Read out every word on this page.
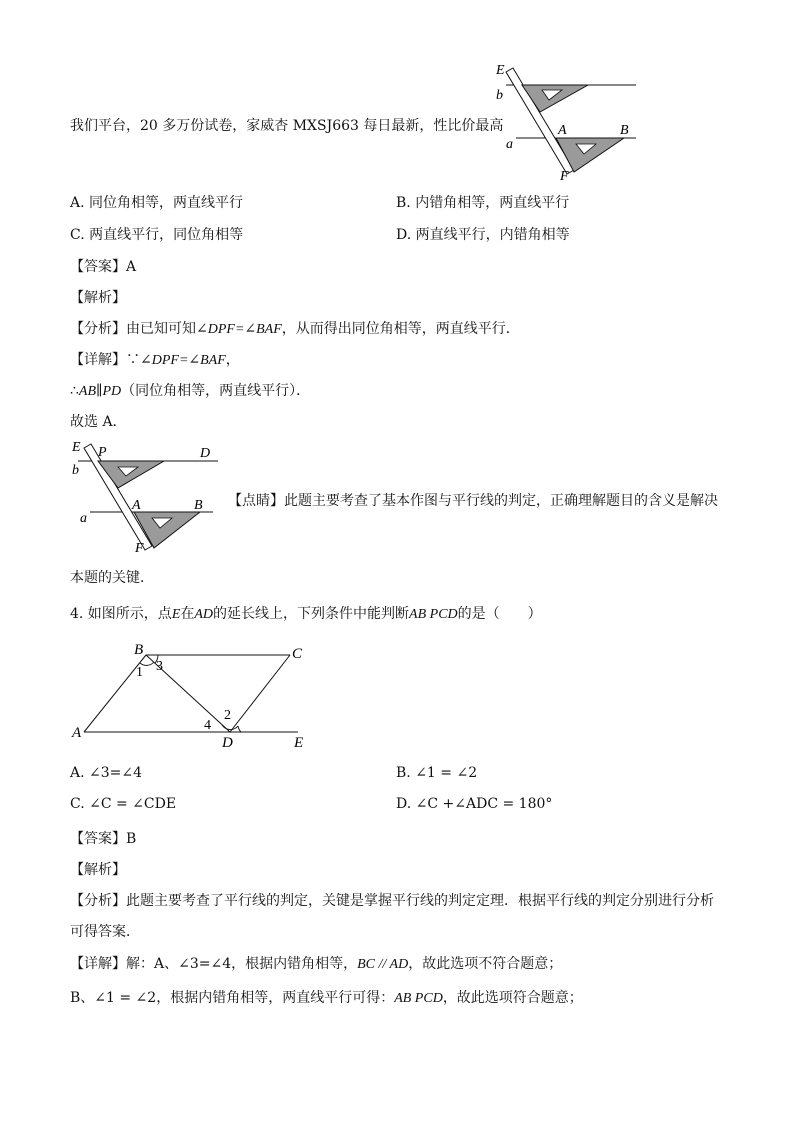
我们平台，20 多万份试卷，家威杏 MXSJ663 每日最新，性比价最高
E
b
A	B
a
F
A. 同位角相等，两直线平行	B. 内错角相等，两直线平行
C. 两直线平行，同位角相等	D. 两直线平行，内错角相等
【答案】A
【解析】
【分析】由已知可知∠DPF=∠BAF，从而得出同位角相等，两直线平行．
【详解】∵∠DPF=∠BAF，
∴AB∥PD（同位角相等，两直线平行）．
故选 A．
E P	D
b
A	B
a
F
【点睛】此题主要考查了基本作图与平行线的判定，正确理解题目的含义是解决
本题的关键．
4. 如图所示，点E在AD的延长线上，下列条件中能判断AB PCD的是（　　）
B	C
A
D	E
1 3
2
4
A. ∠3=∠4	B. ∠1 = ∠2
C. ∠C = ∠CDE	D. ∠C +∠ADC = 180°
【答案】B
【解析】
【分析】此题主要考查了平行线的判定，关键是掌握平行线的判定定理．根据平行线的判定分别进行分析
可得答案．
【详解】解：A、∠3=∠4，根据内错角相等，BC // AD，故此选项不符合题意；
B、∠1 = ∠2，根据内错角相等，两直线平行可得：AB PCD，故此选项符合题意；
